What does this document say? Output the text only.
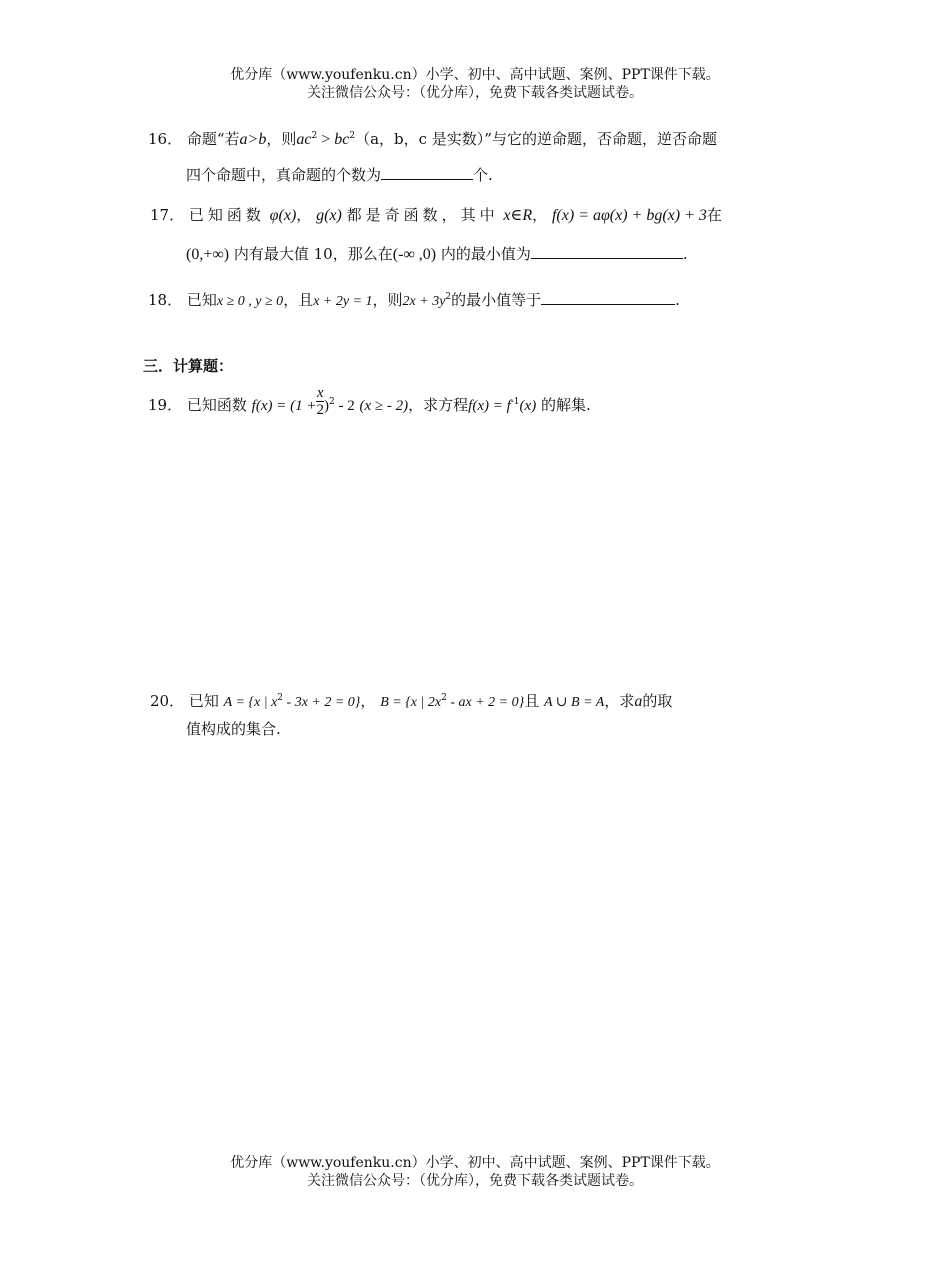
优分库（www.youfenku.cn）小学、初中、高中试题、案例、PPT课件下载。
关注微信公众号：（优分库），免费下载各类试题试卷。
16． 命题“若a>b，则$ac^2 > bc^2(a$，b，c 是实数）”与它的逆命题，否命题，逆否命题
四个命题中，真命题的个数为	个.
17． 已知函数 φ(x)， g(x) 都是奇函数，其中 x∈R， f(x) = aφ(x) + bg(x) + 3在
(0,+∞) 内有最大值 10，那么在(-∞ ,0) 内的最小值为	.
18． 已知x ≥ 0 , y ≥ 0，且x + 2y = 1，则$2x + 3y^2$的最小值等于	.
三．计算题：
19． 已知函数 $f(x) = (1 + \frac{x}{2} )^2 - 2$ (x ≥ - 2)，求方程$f(x) = f^{-1}(x)$ 的解集.
20． 已知 A = {x | $x^2 - 3x + 2 = 0$}， B = {x | $2x^2$ - ax + 2 = 0}且 A ∪ B = A，求a的取
值构成的集合.
优分库（www.youfenku.cn）小学、初中、高中试题、案例、PPT课件下载。
关注微信公众号：（优分库），免费下载各类试题试卷。
